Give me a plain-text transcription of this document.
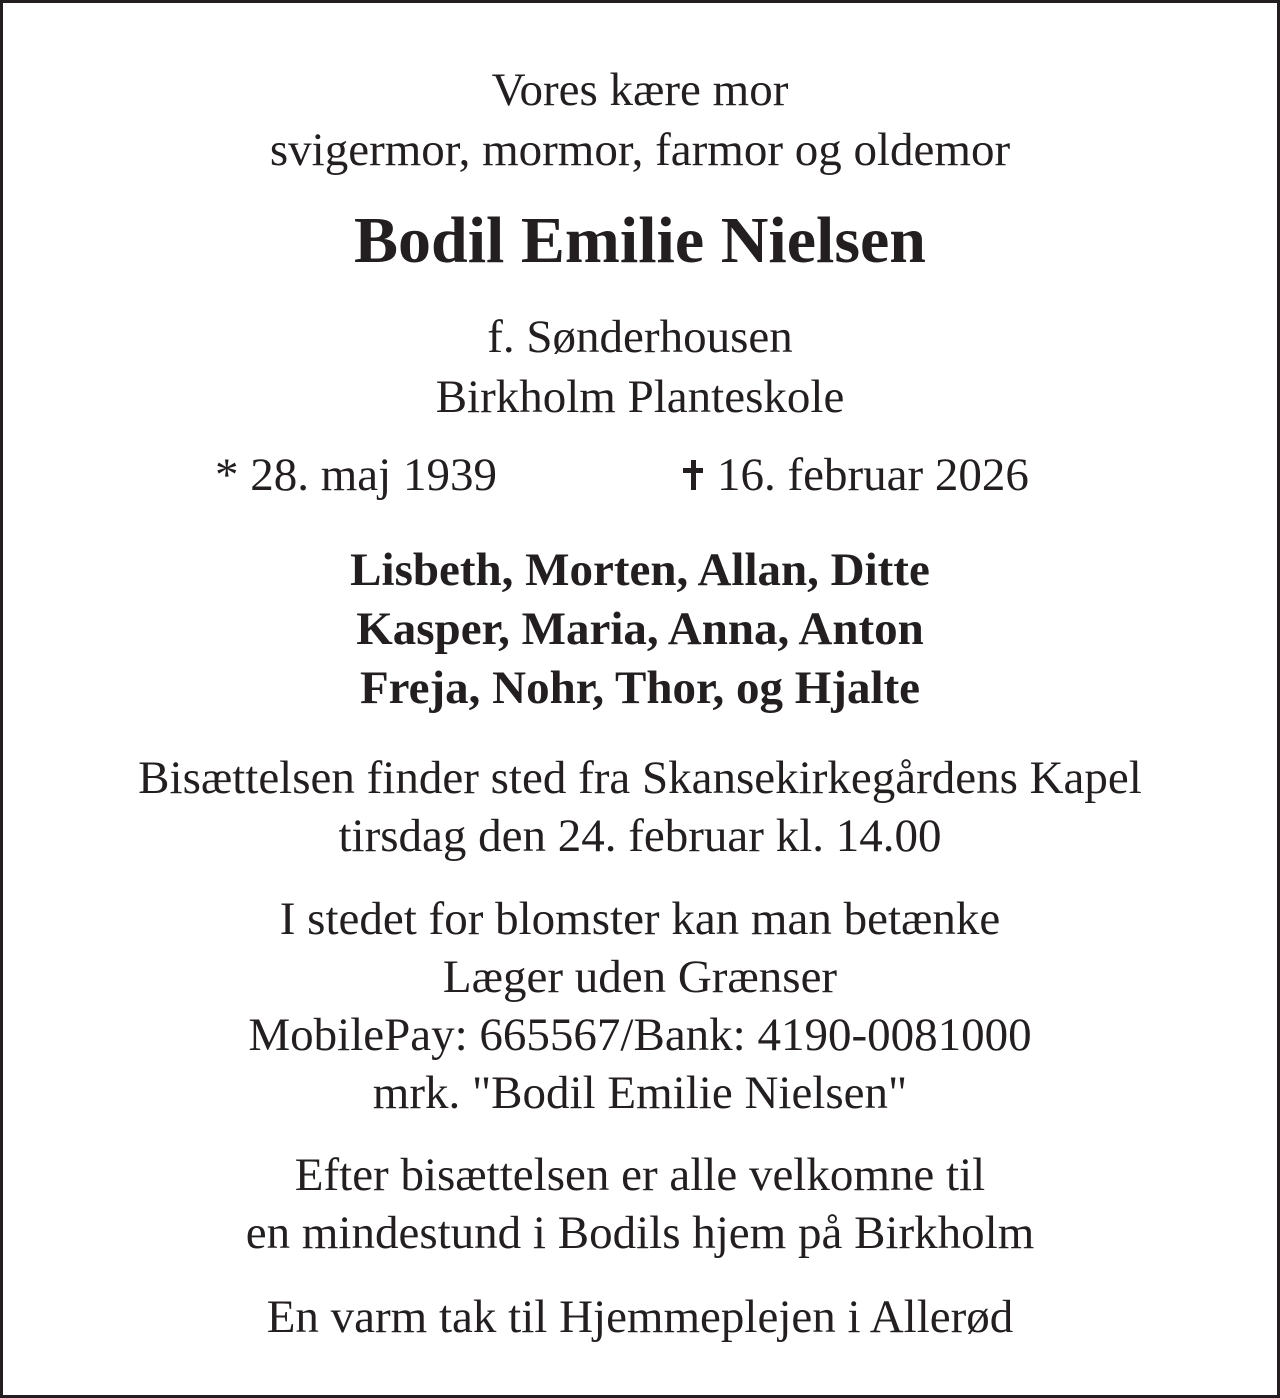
Vores kære mor
svigermor, mormor, farmor og oldemor
Bodil Emilie Nielsen
f. Sønderhousen
Birkholm Planteskole
* 28. maj 1939	16. februar 2026
Lisbeth, Morten, Allan, Ditte
Kasper, Maria, Anna, Anton
Freja, Nohr, Thor, og Hjalte
Bisættelsen finder sted fra Skansekirkegårdens Kapel
tirsdag den 24. februar kl. 14.00
I stedet for blomster kan man betænke
Læger uden Grænser
MobilePay: 665567/Bank: 4190-0081000
mrk. "Bodil Emilie Nielsen"
Efter bisættelsen er alle velkomne til
en mindestund i Bodils hjem på Birkholm
En varm tak til Hjemmeplejen i Allerød
